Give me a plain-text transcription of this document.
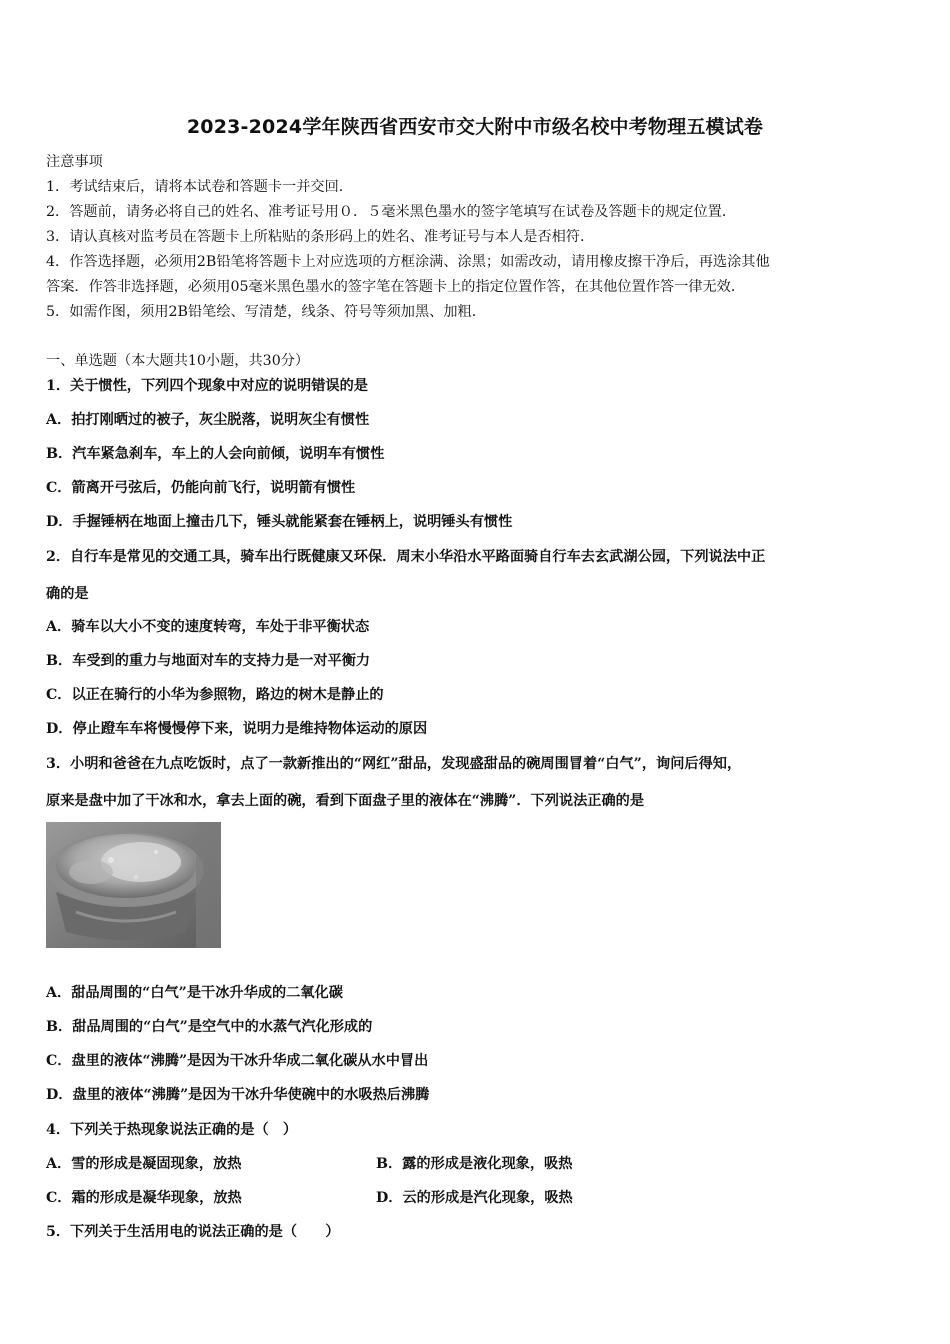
2023-2024学年陕西省西安市交大附中市级名校中考物理五模试卷
注意事项
1．考试结束后，请将本试卷和答题卡一并交回．
2．答题前，请务必将自己的姓名、准考证号用０．５毫米黑色墨水的签字笔填写在试卷及答题卡的规定位置．
3．请认真核对监考员在答题卡上所粘贴的条形码上的姓名、准考证号与本人是否相符．
4．作答选择题，必须用2B铅笔将答题卡上对应选项的方框涂满、涂黑；如需改动，请用橡皮擦干净后，再选涂其他
答案．作答非选择题，必须用05毫米黑色墨水的签字笔在答题卡上的指定位置作答，在其他位置作答一律无效．
5．如需作图，须用2B铅笔绘、写清楚，线条、符号等须加黑、加粗．
一、单选题（本大题共10小题，共30分）
1．关于惯性，下列四个现象中对应的说明错误的是
A．拍打刚晒过的被子，灰尘脱落，说明灰尘有惯性
B．汽车紧急刹车，车上的人会向前倾，说明车有惯性
C．箭离开弓弦后，仍能向前飞行，说明箭有惯性
D．手握锤柄在地面上撞击几下，锤头就能紧套在锤柄上，说明锤头有惯性
2．自行车是常见的交通工具，骑车出行既健康又环保．周末小华沿水平路面骑自行车去玄武湖公园，下列说法中正
确的是
A．骑车以大小不变的速度转弯，车处于非平衡状态
B．车受到的重力与地面对车的支持力是一对平衡力
C．以正在骑行的小华为参照物，路边的树木是静止的
D．停止蹬车车将慢慢停下来，说明力是维持物体运动的原因
3．小明和爸爸在九点吃饭时，点了一款新推出的“网红”甜品，发现盛甜品的碗周围冒着“白气”，询问后得知，
原来是盘中加了干冰和水，拿去上面的碗，看到下面盘子里的液体在“沸腾”．下列说法正确的是
A．甜品周围的“白气”是干冰升华成的二氧化碳
B．甜品周围的“白气”是空气中的水蒸气汽化形成的
C．盘里的液体“沸腾”是因为干冰升华成二氧化碳从水中冒出
D．盘里的液体“沸腾”是因为干冰升华使碗中的水吸热后沸腾
4．下列关于热现象说法正确的是（　）
A．雪的形成是凝固现象，放热	B．露的形成是液化现象，吸热
C．霜的形成是凝华现象，放热	D．云的形成是汽化现象，吸热
5．下列关于生活用电的说法正确的是（　　）
